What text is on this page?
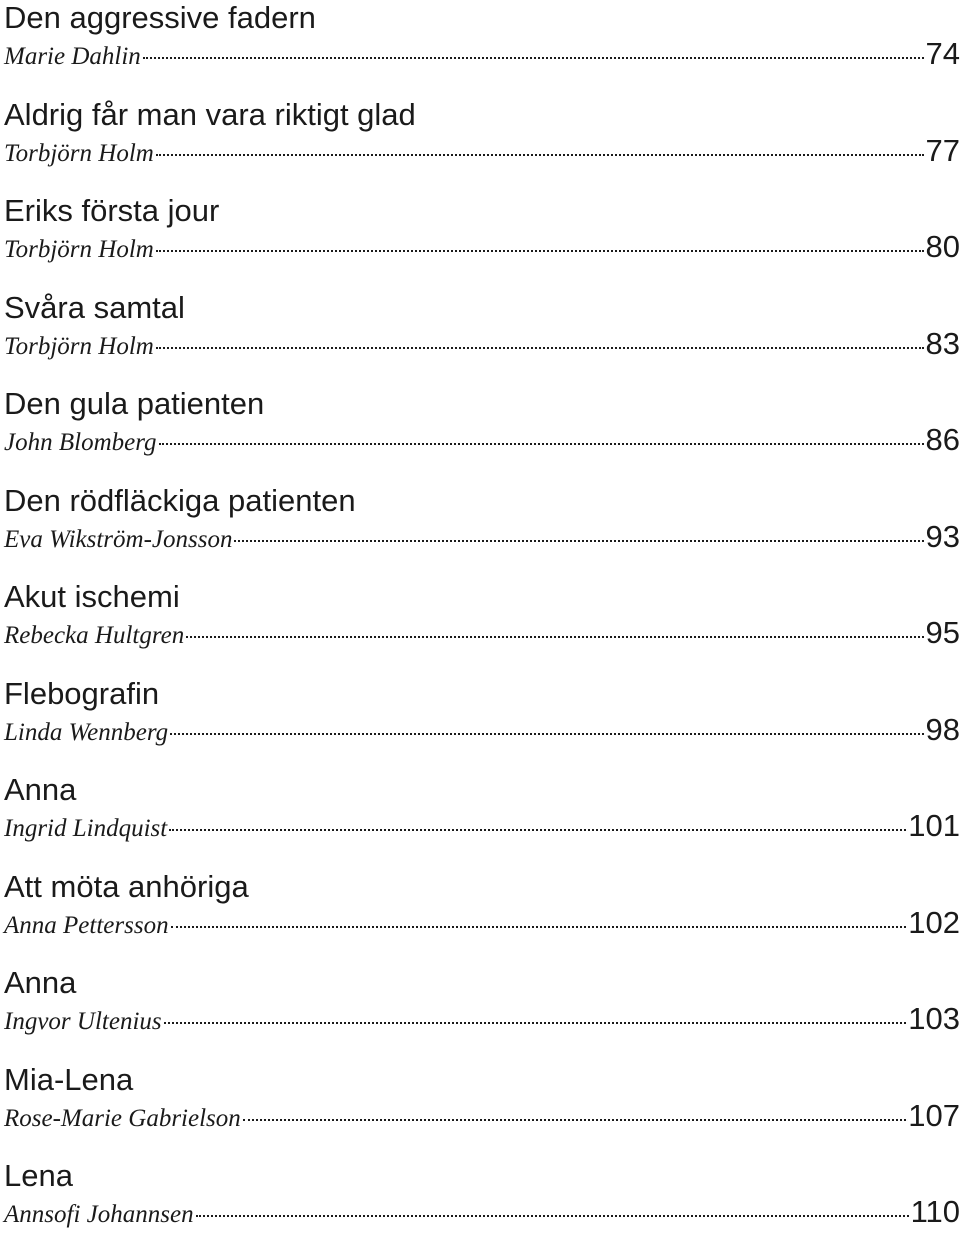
Den aggressive fadern
Marie Dahlin	74
Aldrig får man vara riktigt glad
Torbjörn Holm	77
Eriks första jour
Torbjörn Holm	80
Svåra samtal
Torbjörn Holm	83
Den gula patienten
John Blomberg	86
Den rödfläckiga patienten
Eva Wikström-Jonsson	93
Akut ischemi
Rebecka Hultgren	95
Flebografin
Linda Wennberg	98
Anna
Ingrid Lindquist	101
Att möta anhöriga
Anna Pettersson	102
Anna
Ingvor Ultenius	103
Mia-Lena
Rose-Marie Gabrielson	107
Lena
Annsofi Johannsen	110
